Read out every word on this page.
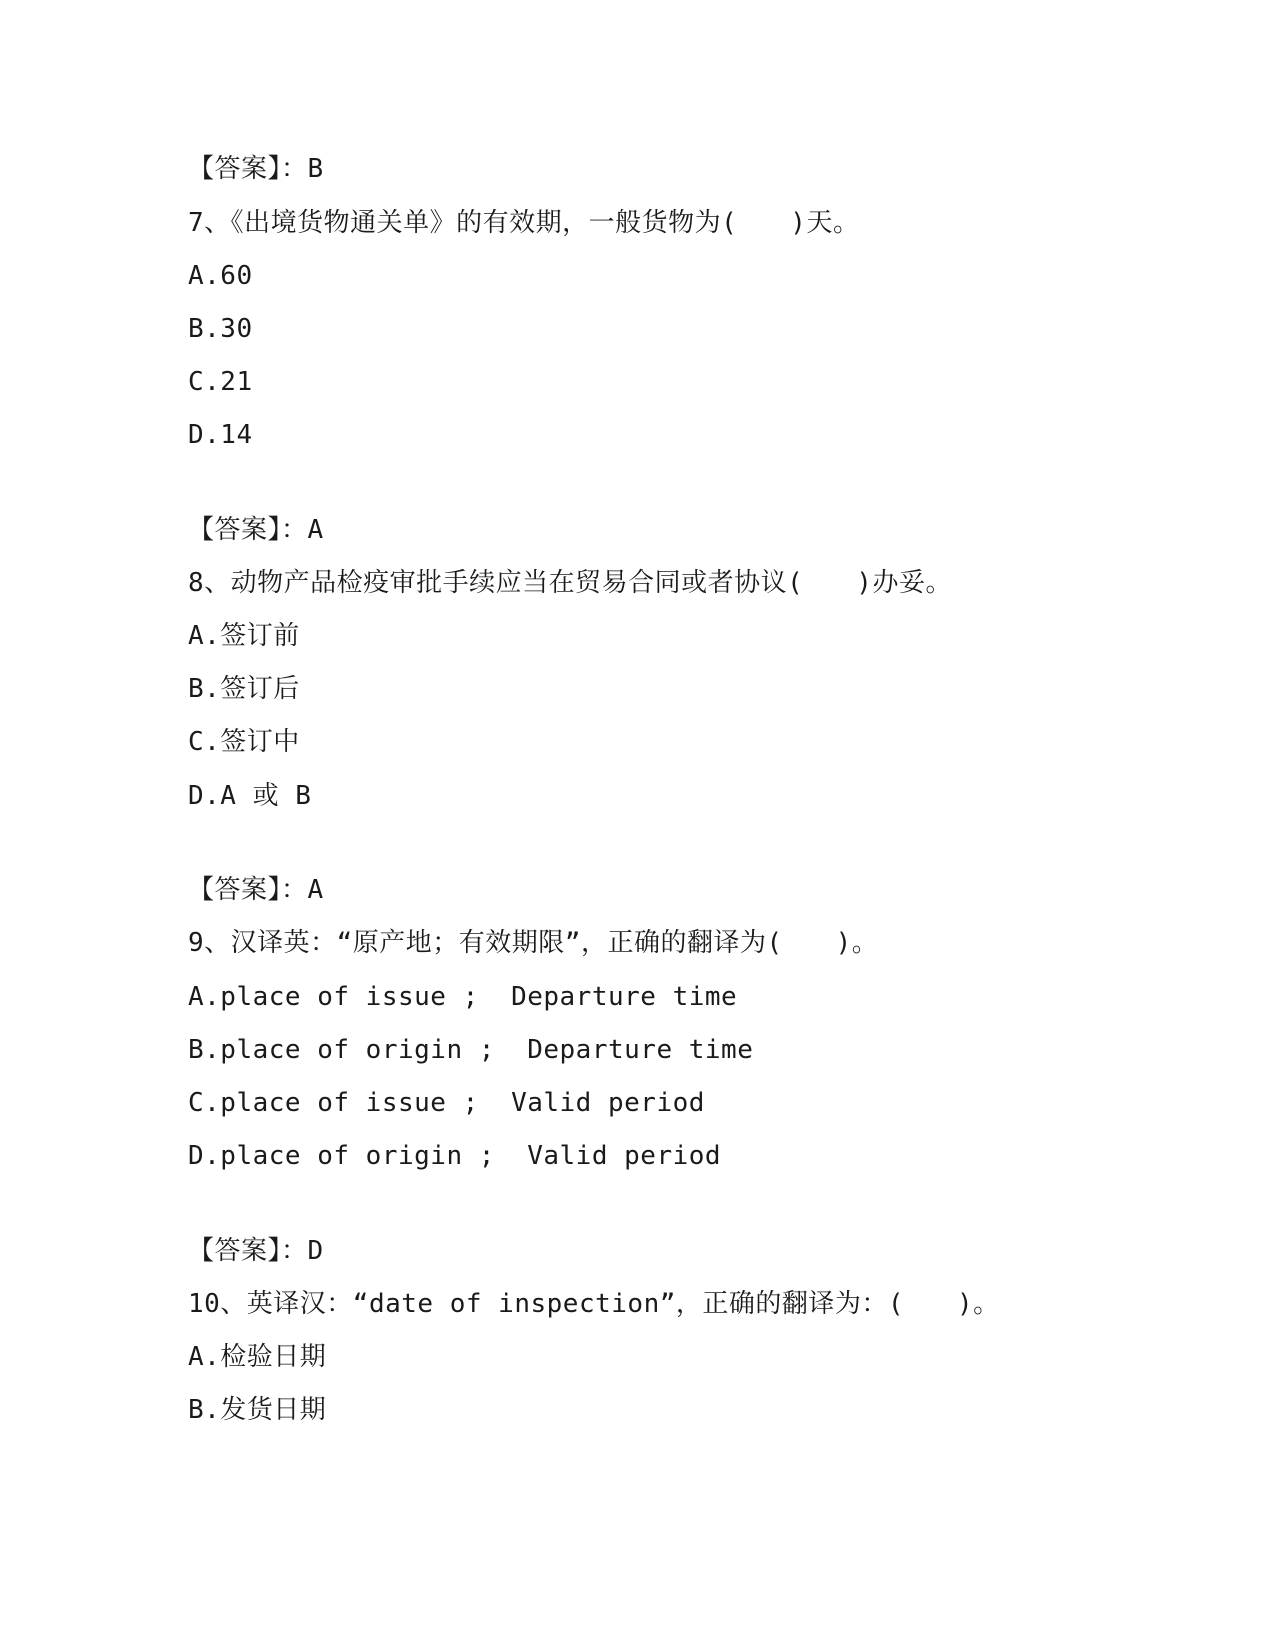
【答案】：B
7、《出境货物通关单》的有效期，一般货物为(　　)天。
A.60
B.30
C.21
D.14
【答案】：A
8、动物产品检疫审批手续应当在贸易合同或者协议(　　)办妥。
A.签订前
B.签订后
C.签订中
D.A 或 B
【答案】：A
9、汉译英：“原产地；有效期限”，正确的翻译为(　　)。
A.place of issue ;  Departure time
B.place of origin ;  Departure time
C.place of issue ;  Valid period
D.place of origin ;  Valid period
【答案】：D
10、英译汉：“date of inspection”，正确的翻译为：(　　)。
A.检验日期
B.发货日期
